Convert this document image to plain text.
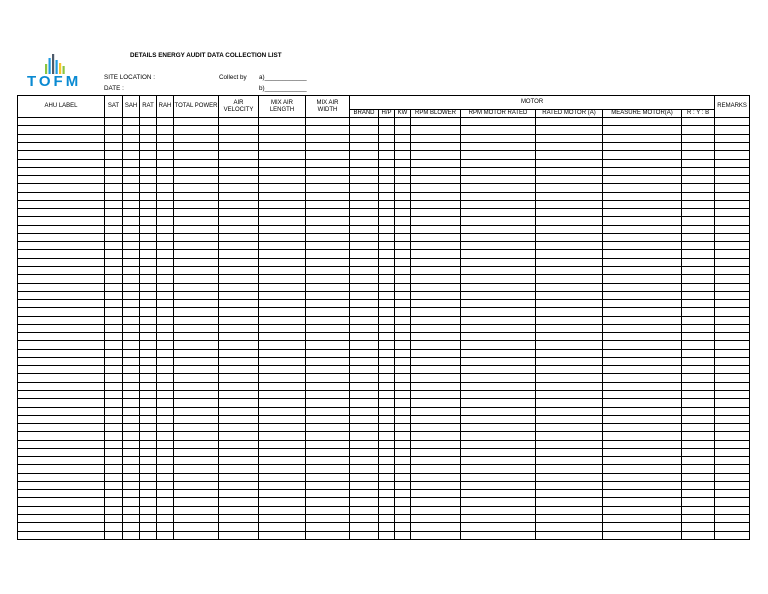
TOFM
DETAILS ENERGY AUDIT DATA COLLECTION LIST
SITE LOCATION :
DATE :
Collect by a)____________
b)____________
AHU LABEL	SAT	SAH	RAT	RAH	TOTAL POWER	AIR VELOCITY	MIX AIR LENGTH	MIX AIR WIDTH	MOTOR								REMARKS
									BRAND	H/P	KW	RPM BLOWER	RPM MOTOR RATED	RATED MOTOR (A)	MEASURE MOTOR(A)	R : Y : B	
